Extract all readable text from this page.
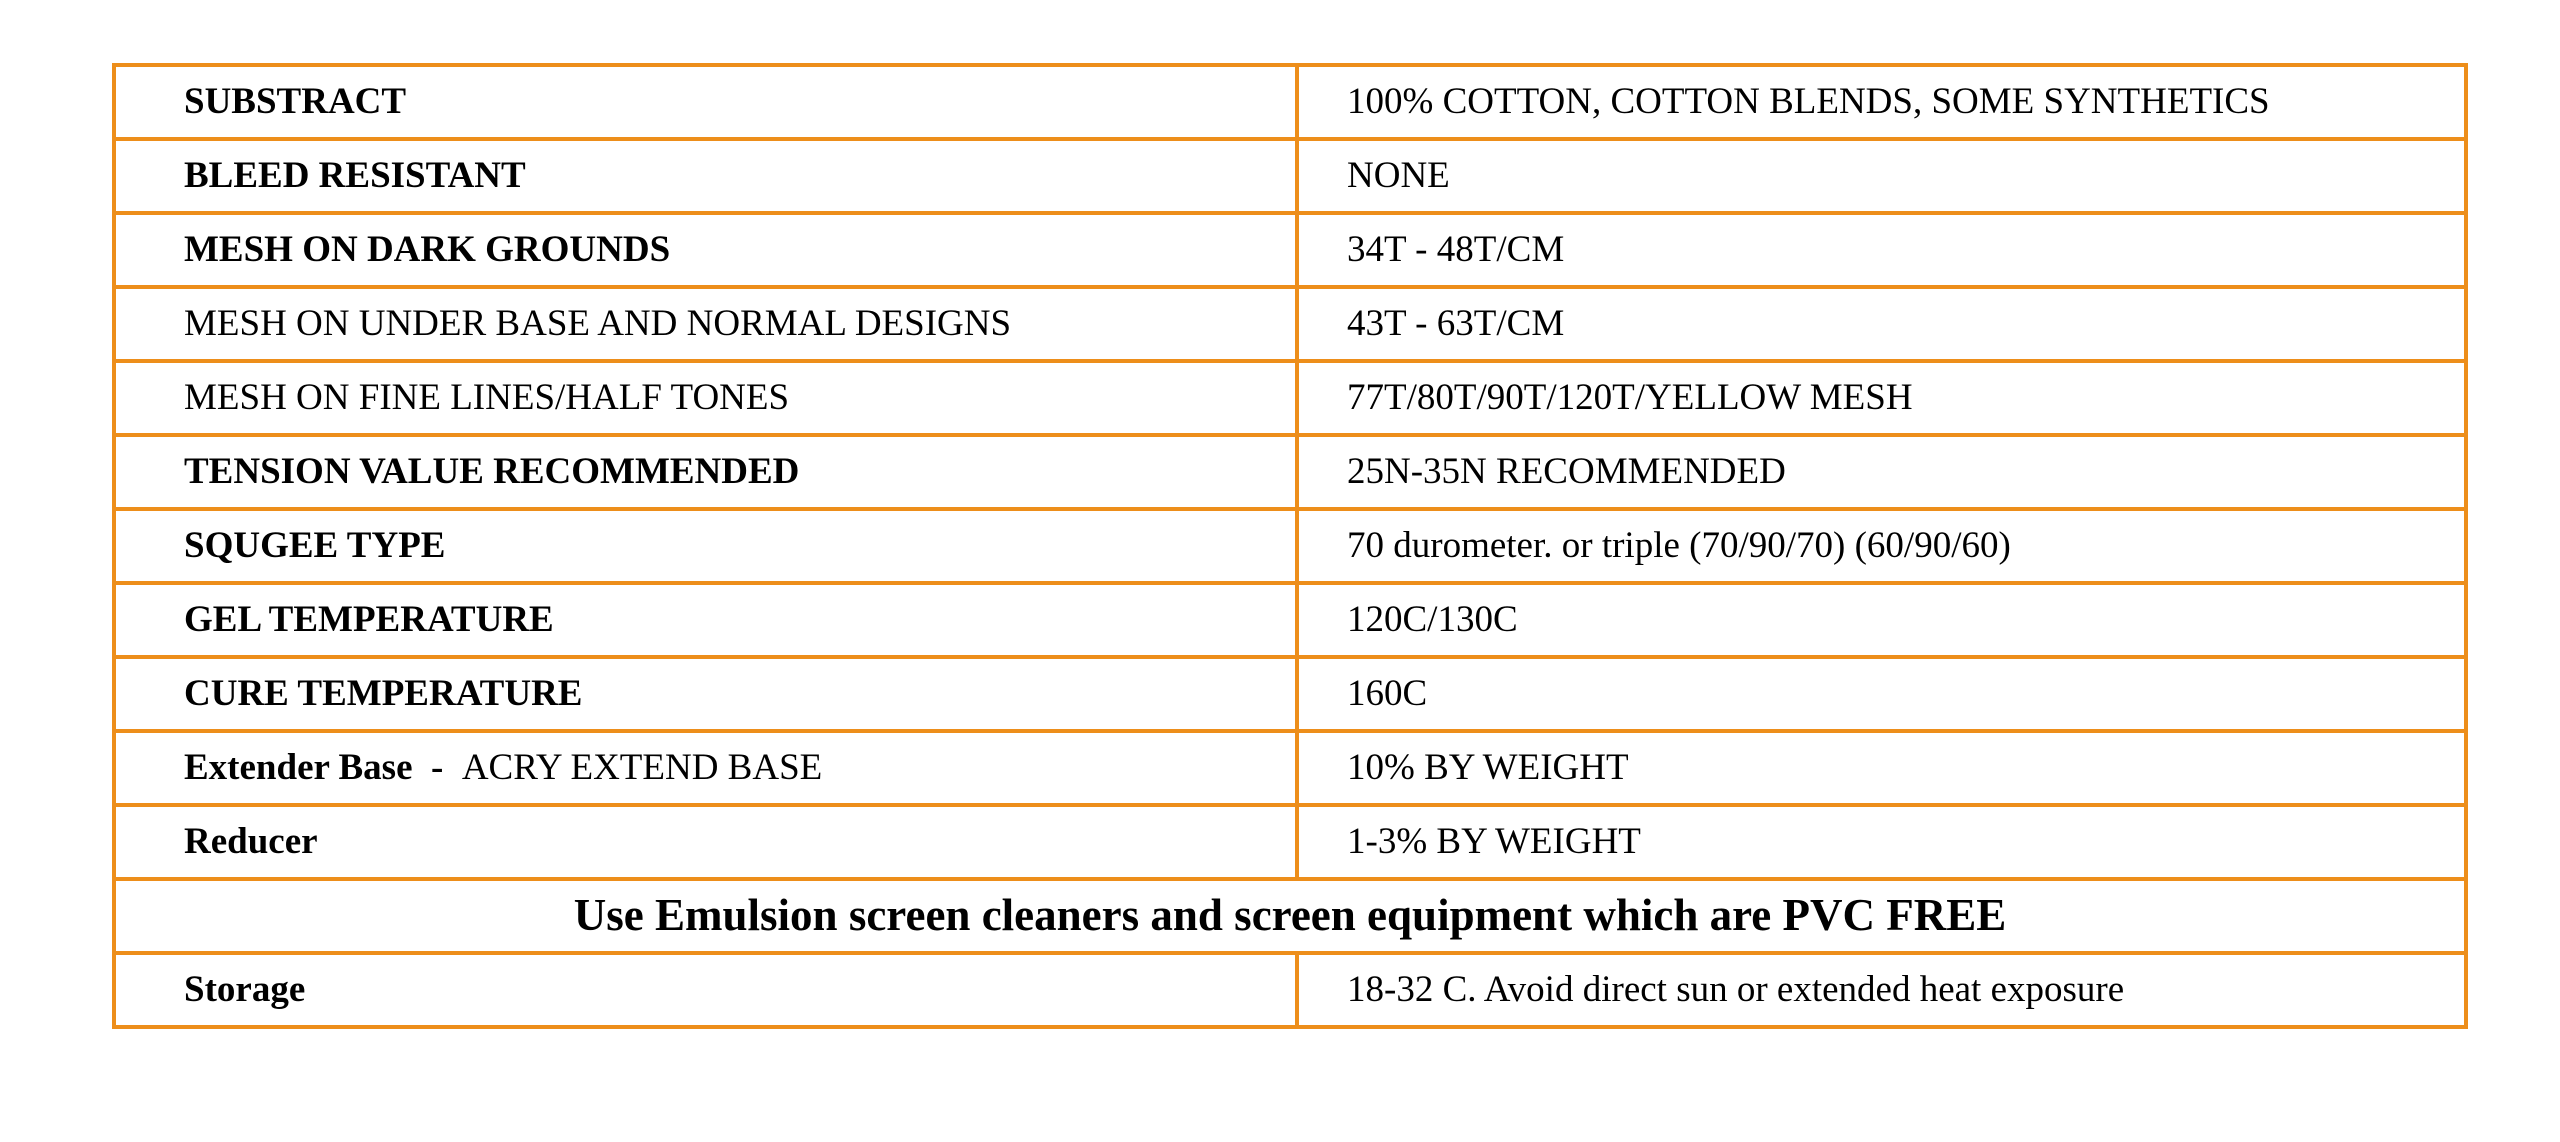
SUBSTRACT	100% COTTON, COTTON BLENDS, SOME SYNTHETICS
BLEED RESISTANT	NONE
MESH ON DARK GROUNDS	34T - 48T/CM
MESH ON UNDER BASE AND NORMAL DESIGNS	43T - 63T/CM
MESH ON FINE LINES/HALF TONES	77T/80T/90T/120T/YELLOW MESH
TENSION VALUE RECOMMENDED	25N-35N RECOMMENDED
SQUGEE TYPE	70 durometer. or triple (70/90/70) (60/90/60)
GEL TEMPERATURE	120C/130C
CURE TEMPERATURE	160C
Extender Base  -  ACRY EXTEND BASE	10% BY WEIGHT
Reducer	1-3% BY WEIGHT
Use Emulsion screen cleaners and screen equipment which are PVC FREE	
Storage	18-32 C. Avoid direct sun or extended heat exposure
